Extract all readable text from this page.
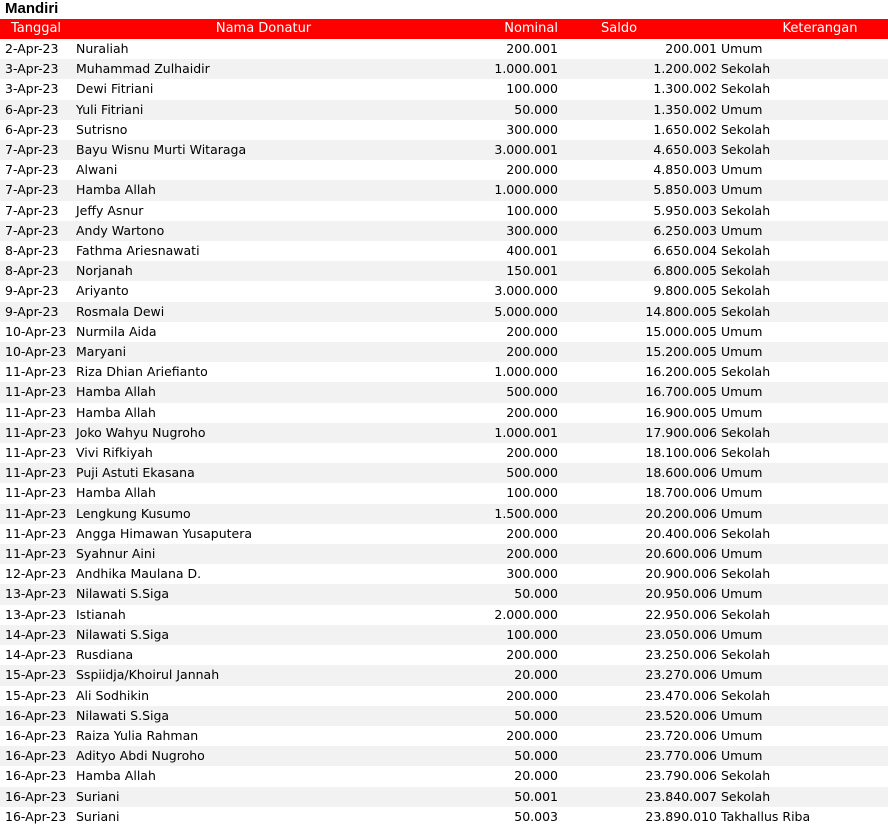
Mandiri
Tanggal	Nama Donatur	Nominal	Saldo	Keterangan
2-Apr-23	Nuraliah	200.001	200.001	Umum
3-Apr-23	Muhammad Zulhaidir	1.000.001	1.200.002	Sekolah
3-Apr-23	Dewi Fitriani	100.000	1.300.002	Sekolah
6-Apr-23	Yuli Fitriani	50.000	1.350.002	Umum
6-Apr-23	Sutrisno	300.000	1.650.002	Sekolah
7-Apr-23	Bayu Wisnu Murti Witaraga	3.000.001	4.650.003	Sekolah
7-Apr-23	Alwani	200.000	4.850.003	Umum
7-Apr-23	Hamba Allah	1.000.000	5.850.003	Umum
7-Apr-23	Jeffy Asnur	100.000	5.950.003	Sekolah
7-Apr-23	Andy Wartono	300.000	6.250.003	Umum
8-Apr-23	Fathma Ariesnawati	400.001	6.650.004	Sekolah
8-Apr-23	Norjanah	150.001	6.800.005	Sekolah
9-Apr-23	Ariyanto	3.000.000	9.800.005	Sekolah
9-Apr-23	Rosmala Dewi	5.000.000	14.800.005	Sekolah
10-Apr-23	Nurmila Aida	200.000	15.000.005	Umum
10-Apr-23	Maryani	200.000	15.200.005	Umum
11-Apr-23	Riza Dhian Ariefianto	1.000.000	16.200.005	Sekolah
11-Apr-23	Hamba Allah	500.000	16.700.005	Umum
11-Apr-23	Hamba Allah	200.000	16.900.005	Umum
11-Apr-23	Joko Wahyu Nugroho	1.000.001	17.900.006	Sekolah
11-Apr-23	Vivi Rifkiyah	200.000	18.100.006	Sekolah
11-Apr-23	Puji Astuti Ekasana	500.000	18.600.006	Umum
11-Apr-23	Hamba Allah	100.000	18.700.006	Umum
11-Apr-23	Lengkung Kusumo	1.500.000	20.200.006	Umum
11-Apr-23	Angga Himawan Yusaputera	200.000	20.400.006	Sekolah
11-Apr-23	Syahnur Aini	200.000	20.600.006	Umum
12-Apr-23	Andhika Maulana D.	300.000	20.900.006	Sekolah
13-Apr-23	Nilawati S.Siga	50.000	20.950.006	Umum
13-Apr-23	Istianah	2.000.000	22.950.006	Sekolah
14-Apr-23	Nilawati S.Siga	100.000	23.050.006	Umum
14-Apr-23	Rusdiana	200.000	23.250.006	Sekolah
15-Apr-23	Sspiidja/Khoirul Jannah	20.000	23.270.006	Umum
15-Apr-23	Ali Sodhikin	200.000	23.470.006	Sekolah
16-Apr-23	Nilawati S.Siga	50.000	23.520.006	Umum
16-Apr-23	Raiza Yulia Rahman	200.000	23.720.006	Umum
16-Apr-23	Adityo Abdi Nugroho	50.000	23.770.006	Umum
16-Apr-23	Hamba Allah	20.000	23.790.006	Sekolah
16-Apr-23	Suriani	50.001	23.840.007	Sekolah
16-Apr-23	Suriani	50.003	23.890.010	Takhallus Riba
